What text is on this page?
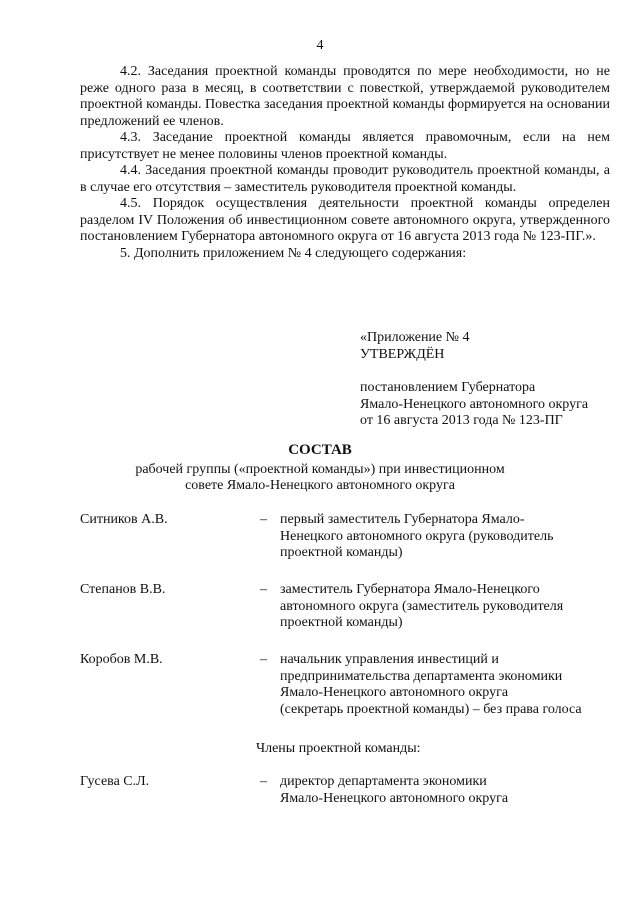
4

4.2. Заседания проектной команды проводятся по мере необходимости, но не реже одного раза в месяц, в соответствии с повесткой, утверждаемой руководителем проектной команды. Повестка заседания проектной команды формируется на основании предложений ее членов.

4.3. Заседание проектной команды является правомочным, если на нем присутствует не менее половины членов проектной команды.

4.4. Заседания проектной команды проводит руководитель проектной команды, а в случае его отсутствия – заместитель руководителя проектной команды.

4.5. Порядок осуществления деятельности проектной команды определен разделом IV Положения об инвестиционном совете автономного округа, утвержденного постановлением Губернатора автономного округа от 16 августа 2013 года № 123-ПГ.».

5. Дополнить приложением № 4 следующего содержания:

«Приложение № 4
УТВЕРЖДЁН
постановлением Губернатора
Ямало-Ненецкого автономного округа
от 16 августа 2013 года № 123-ПГ
СОСТАВ
рабочей группы («проектной команды») при инвестиционном
совете Ямало-Ненецкого автономного округа
Ситников А.В.	– первый заместитель Губернатора Ямало-
Ненецкого автономного округа (руководитель
проектной команды)
Степанов В.В.	– заместитель Губернатора Ямало-Ненецкого
автономного округа (заместитель руководителя
проектной команды)
Коробов М.В.	– начальник управления инвестиций и
предпринимательства департамента экономики
Ямало-Ненецкого автономного округа
(секретарь проектной команды) – без права голоса
Члены проектной команды:
Гусева С.Л.	– директор департамента экономики
Ямало-Ненецкого автономного округа
